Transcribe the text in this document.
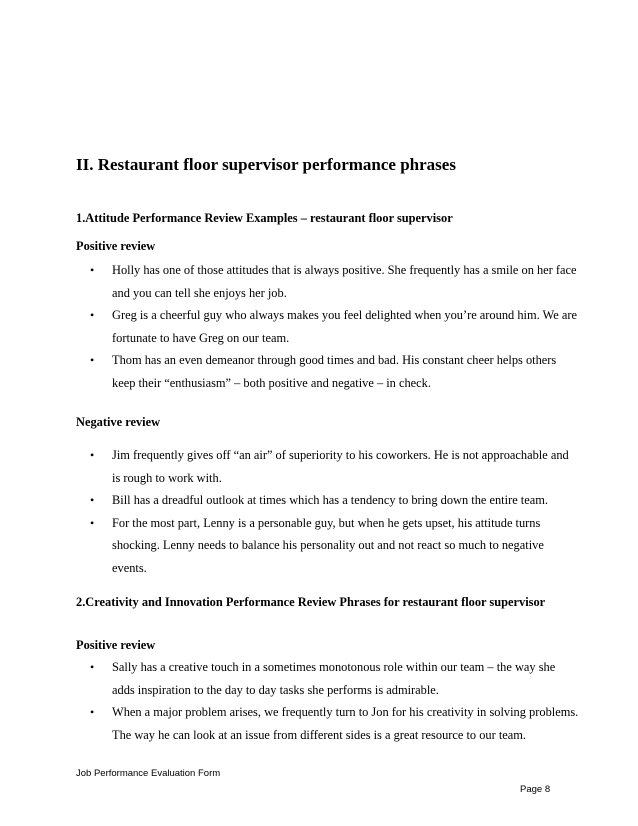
II. Restaurant floor supervisor performance phrases
1.Attitude Performance Review Examples – restaurant floor supervisor
Positive review
• Holly has one of those attitudes that is always positive. She frequently has a smile on her face and you can tell she enjoys her job.
• Greg is a cheerful guy who always makes you feel delighted when you’re around him. We are fortunate to have Greg on our team.
• Thom has an even demeanor through good times and bad. His constant cheer helps others keep their “enthusiasm” – both positive and negative – in check.
Negative review
• Jim frequently gives off “an air” of superiority to his coworkers. He is not approachable and is rough to work with.
• Bill has a dreadful outlook at times which has a tendency to bring down the entire team.
• For the most part, Lenny is a personable guy, but when he gets upset, his attitude turns shocking. Lenny needs to balance his personality out and not react so much to negative events.
2.Creativity and Innovation Performance Review Phrases for restaurant floor supervisor
Positive review
• Sally has a creative touch in a sometimes monotonous role within our team – the way she adds inspiration to the day to day tasks she performs is admirable.
• When a major problem arises, we frequently turn to Jon for his creativity in solving problems. The way he can look at an issue from different sides is a great resource to our team.
Job Performance Evaluation Form
Page 8
